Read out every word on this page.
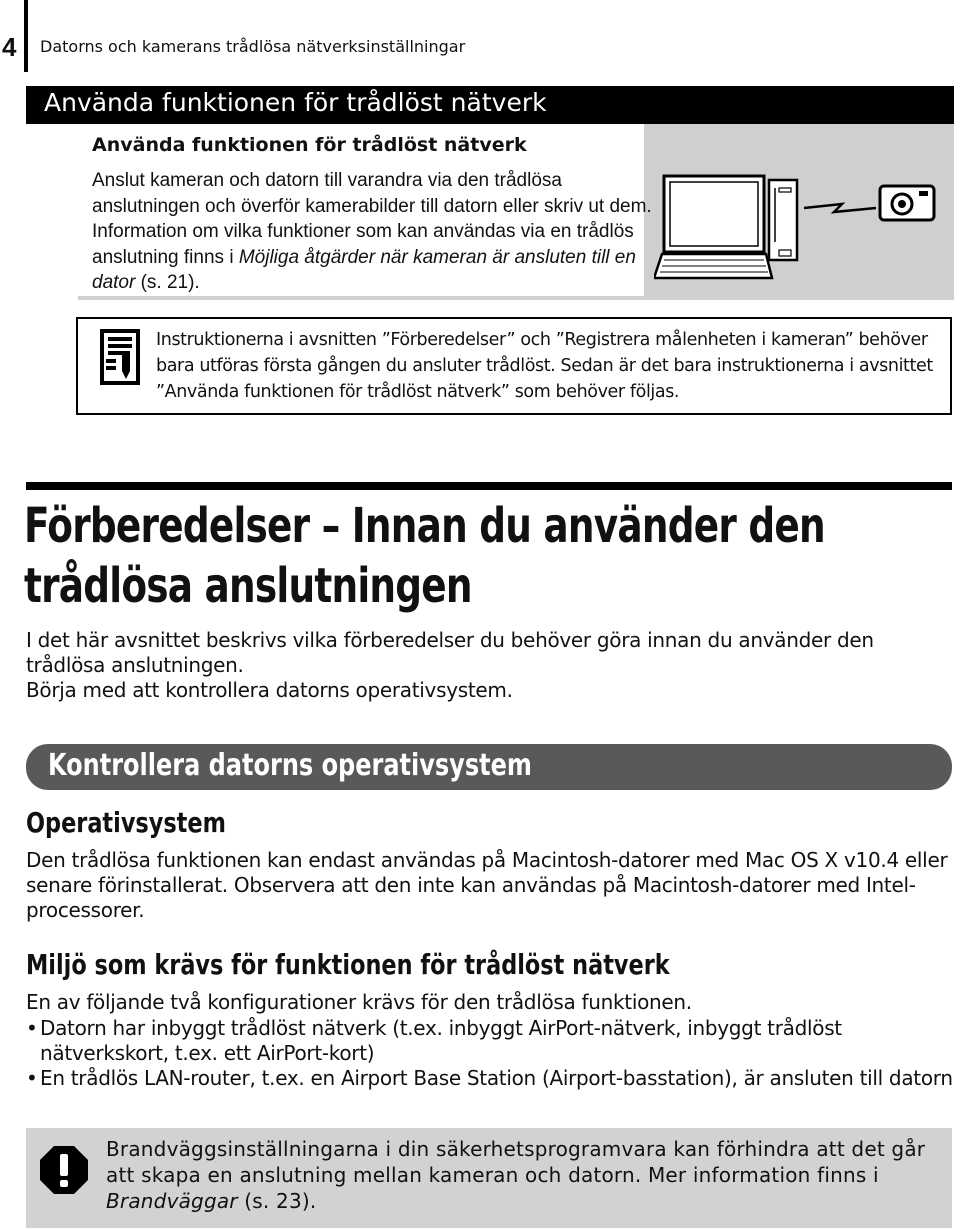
4 Datorns och kamerans trådlösa nätverksinställningar
Använda funktionen för trådlöst nätverk
Använda funktionen för trådlöst nätverk
Anslut kameran och datorn till varandra via den trådlösa anslutningen och överför kamerabilder till datorn eller skriv ut dem. Information om vilka funktioner som kan användas via en trådlös anslutning finns i Möjliga åtgärder när kameran är ansluten till en dator (s. 21).
Instruktionerna i avsnitten ”Förberedelser” och ”Registrera målenheten i kameran” behöver bara utföras första gången du ansluter trådlöst. Sedan är det bara instruktionerna i avsnittet ”Använda funktionen för trådlöst nätverk” som behöver följas.
Förberedelser – Innan du använder den trådlösa anslutningen
I det här avsnittet beskrivs vilka förberedelser du behöver göra innan du använder den trådlösa anslutningen.
Börja med att kontrollera datorns operativsystem.
Kontrollera datorns operativsystem
Operativsystem
Den trådlösa funktionen kan endast användas på Macintosh-datorer med Mac OS X v10.4 eller senare förinstallerat. Observera att den inte kan användas på Macintosh-datorer med Intel-processorer.
Miljö som krävs för funktionen för trådlöst nätverk
En av följande två konfigurationer krävs för den trådlösa funktionen.
• Datorn har inbyggt trådlöst nätverk (t.ex. inbyggt AirPort-nätverk, inbyggt trådlöst nätverkskort, t.ex. ett AirPort-kort)
• En trådlös LAN-router, t.ex. en Airport Base Station (Airport-basstation), är ansluten till datorn
Brandväggsinställningarna i din säkerhetsprogramvara kan förhindra att det går att skapa en anslutning mellan kameran och datorn. Mer information finns i Brandväggar (s. 23).
